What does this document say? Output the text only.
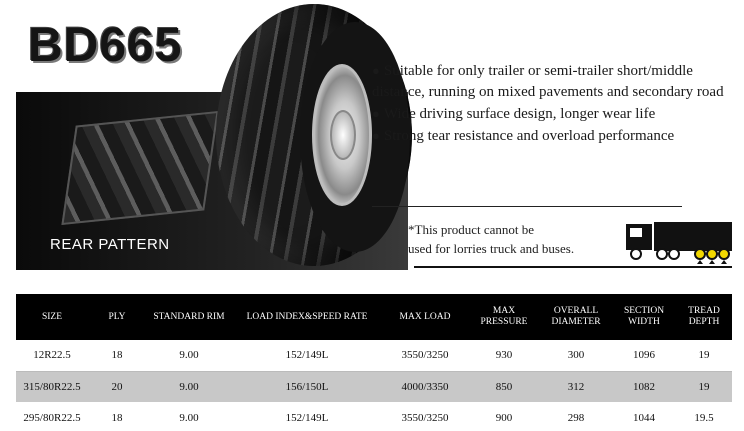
REAR PATTERN
BD665	● Suitable for only trailer or semi-trailer short/middle distance, running on mixed pavements and secondary road

● Wide driving surface design, longer wear life

● Strong tear resistance and overload performance

*This product cannot be
used for lorries truck and buses.
SIZE	PLY	STANDARD RIM	LOAD INDEX&SPEED RATE	MAX LOAD	MAX PRESSURE	OVERALL DIAMETER	SECTION WIDTH	TREAD DEPTH
12R22.5	18	9.00	152/149L	3550/3250	930	300	1096	19
315/80R22.5	20	9.00	156/150L	4000/3350	850	312	1082	19
295/80R22.5	18	9.00	152/149L	3550/3250	900	298	1044	19.5
